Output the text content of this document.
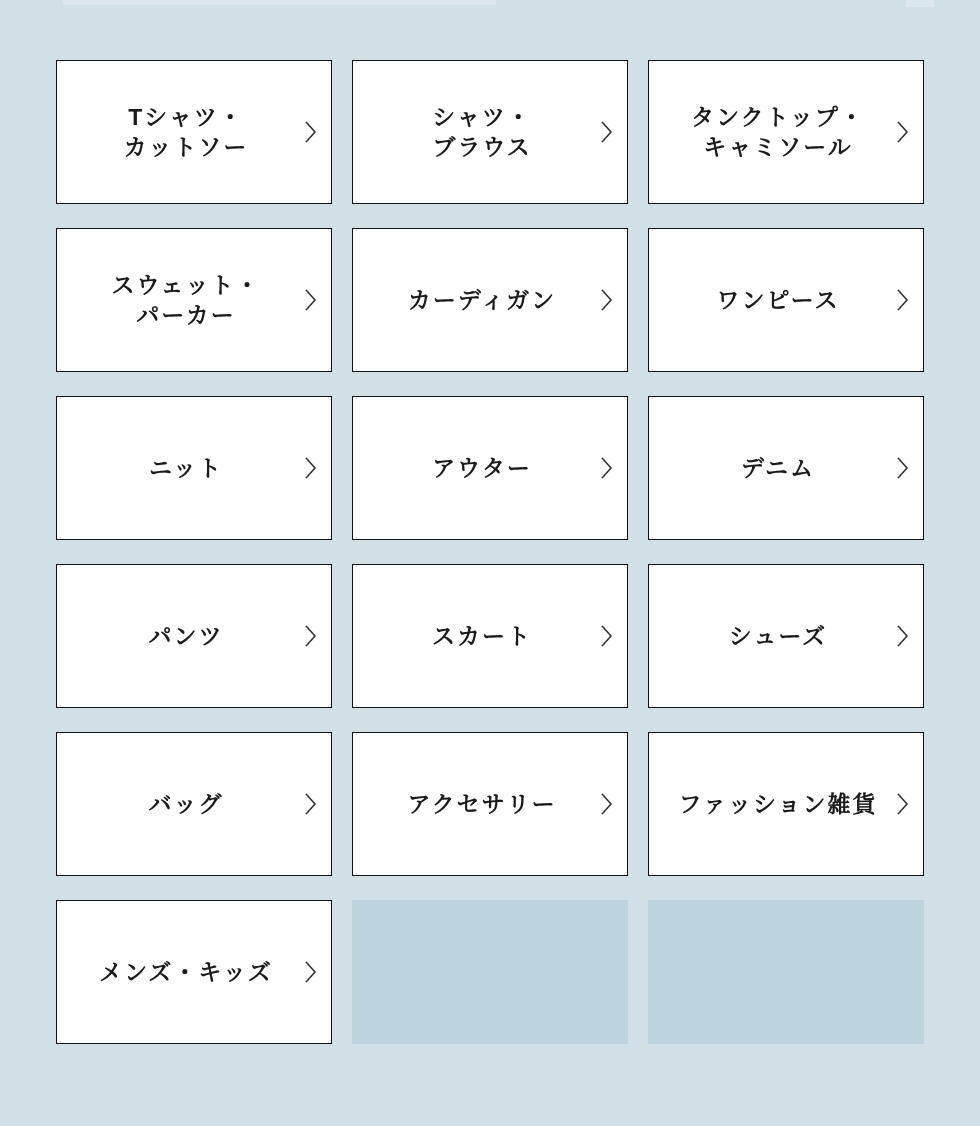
Tシャツ・
カットソー
シャツ・
ブラウス
タンクトップ・
キャミソール
スウェット・
パーカー
カーディガン	ワンピース
ニット	アウター	デニム
パンツ	スカート	シューズ
バッグ	アクセサリー	ファッション雑貨
メンズ・キッズ
